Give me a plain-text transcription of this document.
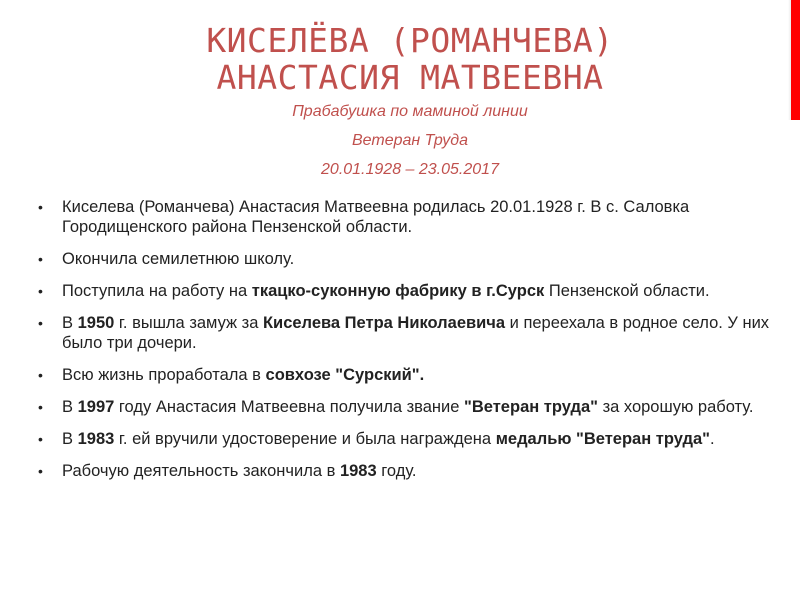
КИСЕЛЁВА (РОМАНЧЕВА)
АНАСТАСИЯ МАТВЕЕВНА
Прабабушка по маминой линии
Ветеран Труда
20.01.1928 – 23.05.2017
• Киселева (Романчева) Анастасия Матвеевна родилась 20.01.1928 г. В с. Саловка Городищенского района Пензенской области.
• Окончила семилетнюю школу.
• Поступила на работу на ткацко-суконную фабрику в г.Сурск Пензенской области.
• В 1950 г. вышла замуж за Киселева Петра Николаевича и переехала в родное село. У них было три дочери.
• Всю жизнь проработала в совхозе "Сурский".
• В 1997 году Анастасия Матвеевна получила звание "Ветеран труда" за хорошую работу.
• В 1983 г. ей вручили удостоверение и была награждена медалью "Ветеран труда".
• Рабочую деятельность закончила в 1983 году.
